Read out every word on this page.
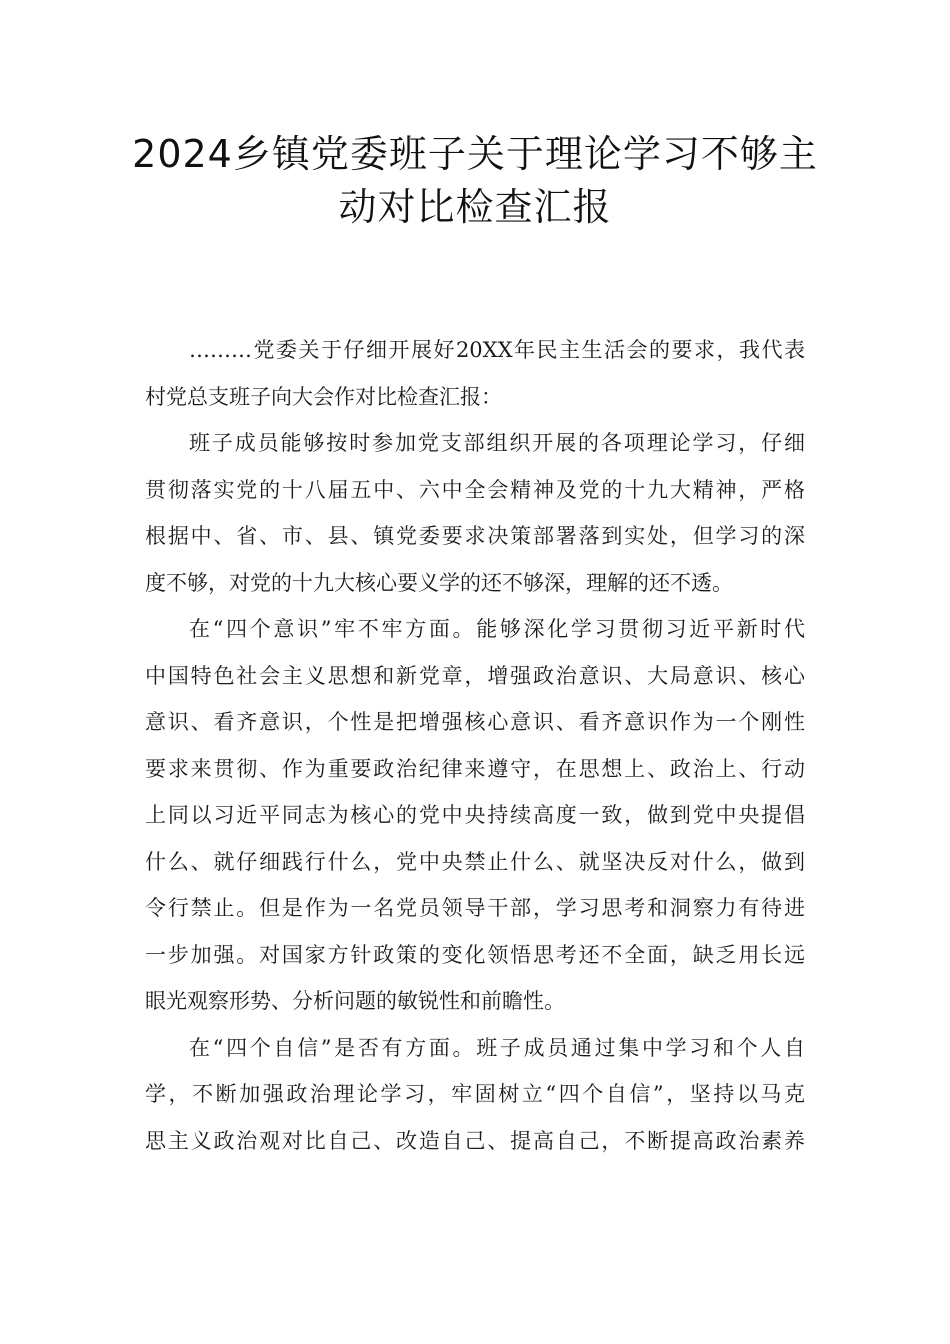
2024乡镇党委班子关于理论学习不够主
动对比检查汇报

………党委关于仔细开展好20XX年民主生活会的要求，我代表
村党总支班子向大会作对比检查汇报：

班子成员能够按时参加党支部组织开展的各项理论学习，仔细
贯彻落实党的十八届五中、六中全会精神及党的十九大精神，严格
根据中、省、市、县、镇党委要求决策部署落到实处，但学习的深
度不够，对党的十九大核心要义学的还不够深，理解的还不透。

在“四个意识”牢不牢方面。能够深化学习贯彻习近平新时代
中国特色社会主义思想和新党章，增强政治意识、大局意识、核心
意识、看齐意识，个性是把增强核心意识、看齐意识作为一个刚性
要求来贯彻、作为重要政治纪律来遵守，在思想上、政治上、行动
上同以习近平同志为核心的党中央持续高度一致，做到党中央提倡
什么、就仔细践行什么，党中央禁止什么、就坚决反对什么，做到
令行禁止。但是作为一名党员领导干部，学习思考和洞察力有待进
一步加强。对国家方针政策的变化领悟思考还不全面，缺乏用长远
眼光观察形势、分析问题的敏锐性和前瞻性。

在“四个自信”是否有方面。班子成员通过集中学习和个人自
学，不断加强政治理论学习，牢固树立“四个自信”，坚持以马克
思主义政治观对比自己、改造自己、提高自己，不断提高政治素养
